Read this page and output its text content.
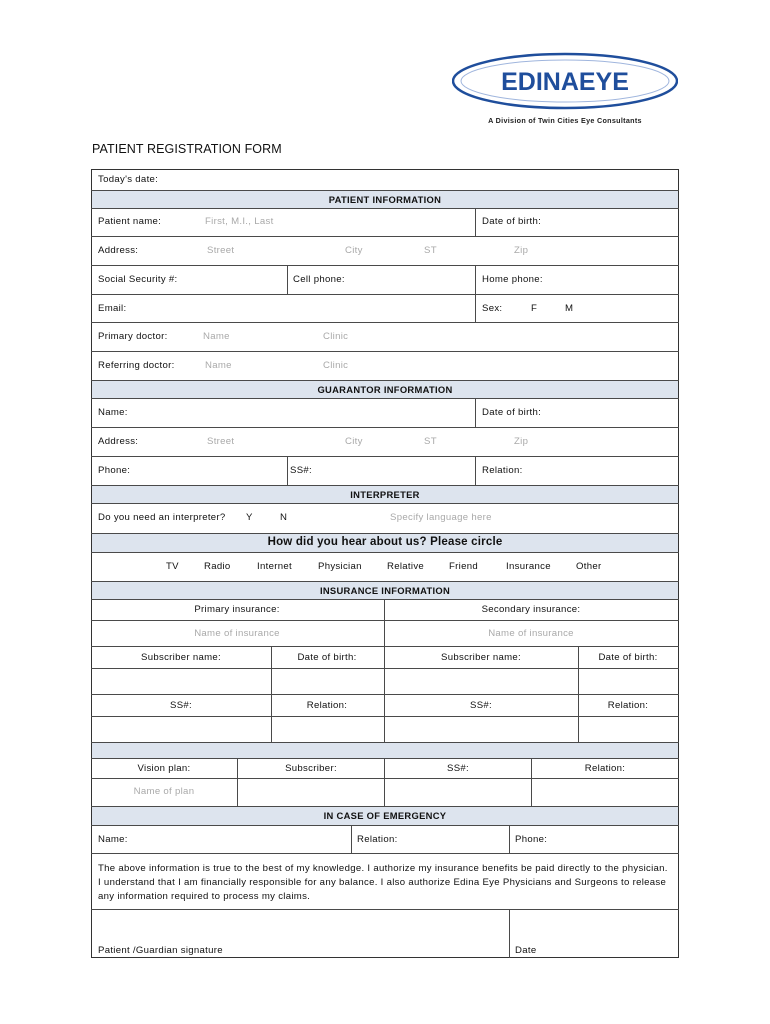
EDINAEYE
A Division of Twin Cities Eye Consultants
PATIENT REGISTRATION FORM
Today's date:
PATIENT INFORMATION
Patient name:	First, M.I., Last	Date of birth:
Address:	Street	City	ST	Zip
Social Security #:	Cell phone:	Home phone:
Email:	Sex:	F	M
Primary doctor:	Name	Clinic
Referring doctor:	Name	Clinic
GUARANTOR INFORMATION
Name:	Date of birth:
Address:	Street	City	ST	Zip
Phone:	SS#:	Relation:
INTERPRETER
Do you need an interpreter? Y	N	Specify language here
How did you hear about us? Please circle
TV	Radio	Internet	Physician	Relative	Friend	Insurance	Other
INSURANCE INFORMATION
Primary insurance:	Secondary insurance:
Name of insurance	Name of insurance
Subscriber name:	Date of birth:	Subscriber name:	Date of birth:
SS#:	Relation:	SS#:	Relation:
Vision plan:	Subscriber:	SS#:	Relation:
Name of plan
IN CASE OF EMERGENCY
Name:	Relation:	Phone:
The above information is true to the best of my knowledge. I authorize my insurance benefits be paid directly to the physician. I understand that I am financially responsible for any balance. I also authorize Edina Eye Physicians and Surgeons to release any information required to process my claims.
Patient /Guardian signature	Date
